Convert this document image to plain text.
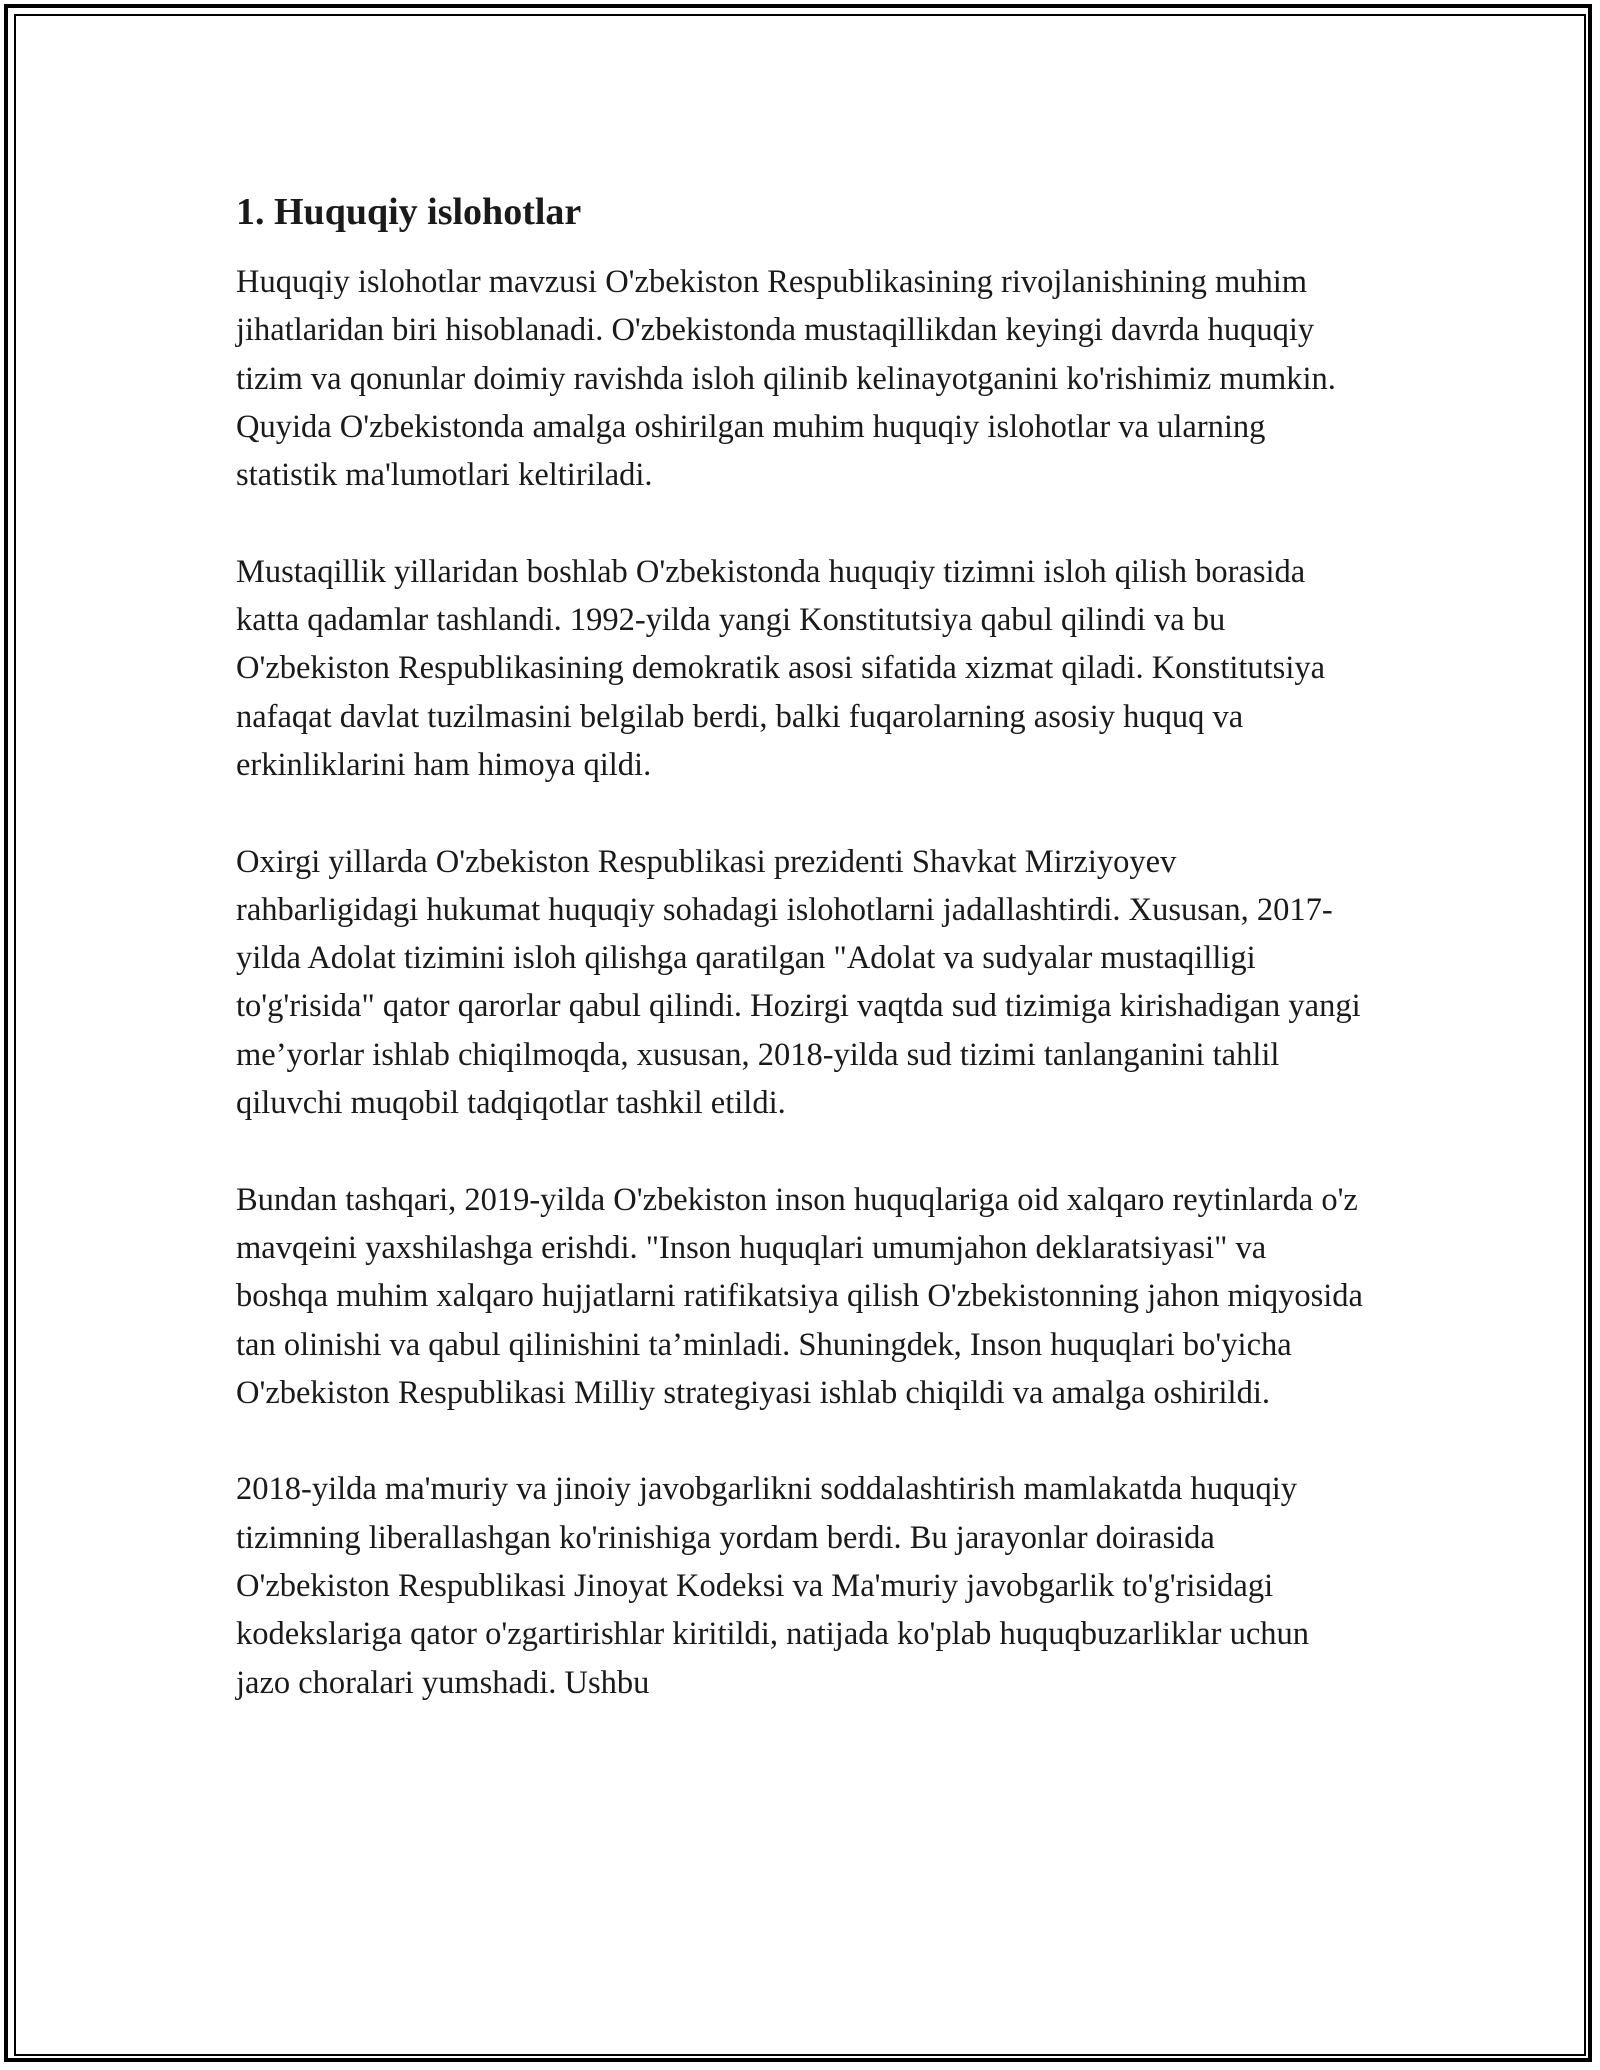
1. Huquqiy islohotlar

Huquqiy islohotlar mavzusi O'zbekiston Respublikasining rivojlanishining muhim jihatlaridan biri hisoblanadi. O'zbekistonda mustaqillikdan keyingi davrda huquqiy tizim va qonunlar doimiy ravishda isloh qilinib kelinayotganini ko'rishimiz mumkin. Quyida O'zbekistonda amalga oshirilgan muhim huquqiy islohotlar va ularning statistik ma'lumotlari keltiriladi.

Mustaqillik yillaridan boshlab O'zbekistonda huquqiy tizimni isloh qilish borasida katta qadamlar tashlandi. 1992-yilda yangi Konstitutsiya qabul qilindi va bu O'zbekiston Respublikasining demokratik asosi sifatida xizmat qiladi. Konstitutsiya nafaqat davlat tuzilmasini belgilab berdi, balki fuqarolarning asosiy huquq va erkinliklarini ham himoya qildi.

Oxirgi yillarda O'zbekiston Respublikasi prezidenti Shavkat Mirziyoyev rahbarligidagi hukumat huquqiy sohadagi islohotlarni jadallashtirdi. Xususan, 2017-yilda Adolat tizimini isloh qilishga qaratilgan "Adolat va sudyalar mustaqilligi to'g'risida" qator qarorlar qabul qilindi. Hozirgi vaqtda sud tizimiga kirishadigan yangi me’yorlar ishlab chiqilmoqda, xususan, 2018-yilda sud tizimi tanlanganini tahlil qiluvchi muqobil tadqiqotlar tashkil etildi.

Bundan tashqari, 2019-yilda O'zbekiston inson huquqlariga oid xalqaro reytinlarda o'z mavqeini yaxshilashga erishdi. "Inson huquqlari umumjahon deklaratsiyasi" va boshqa muhim xalqaro hujjatlarni ratifikatsiya qilish O'zbekistonning jahon miqyosida tan olinishi va qabul qilinishini ta’minladi. Shuningdek, Inson huquqlari bo'yicha O'zbekiston Respublikasi Milliy strategiyasi ishlab chiqildi va amalga oshirildi.

2018-yilda ma'muriy va jinoiy javobgarlikni soddalashtirish mamlakatda huquqiy tizimning liberallashgan ko'rinishiga yordam berdi. Bu jarayonlar doirasida O'zbekiston Respublikasi Jinoyat Kodeksi va Ma'muriy javobgarlik to'g'risidagi kodekslariga qator o'zgartirishlar kiritildi, natijada ko'plab huquqbuzarliklar uchun jazo choralari yumshadi. Ushbu
